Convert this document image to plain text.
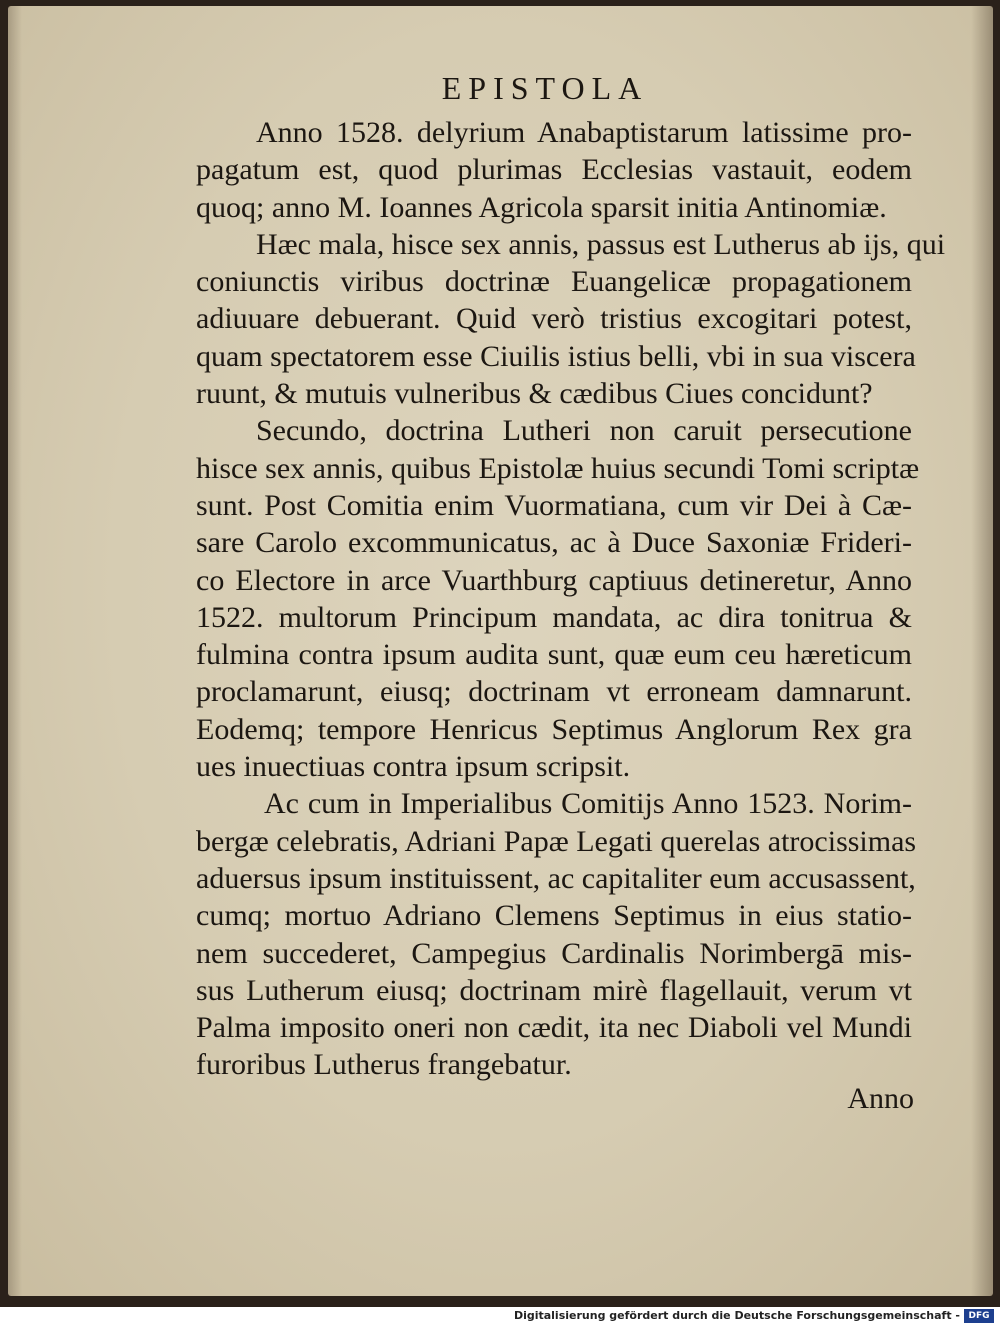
EPISTOLA
Anno 1528. delyrium Anabaptistarum latissime pro-
pagatum est, quod plurimas Ecclesias vastauit, eodem
quoq; anno M. Ioannes Agricola sparsit initia Antinomiæ.
Hæc mala, hisce sex annis, passus est Lutherus ab ijs, qui
coniunctis viribus doctrinæ Euangelicæ propagationem
adiuuare debuerant. Quid verò tristius excogitari potest,
quam spectatorem esse Ciuilis istius belli, vbi in sua viscera
ruunt, & mutuis vulneribus & cædibus Ciues concidunt?
Secundo, doctrina Lutheri non caruit persecutione
hisce sex annis, quibus Epistolæ huius secundi Tomi scriptæ
sunt. Post Comitia enim Vuormatiana, cum vir Dei à Cæ-
sare Carolo excommunicatus, ac à Duce Saxoniæ Frideri-
co Electore in arce Vuarthburg captiuus detineretur, Anno
1522. multorum Principum mandata, ac dira tonitrua &
fulmina contra ipsum audita sunt, quæ eum ceu hæreticum
proclamarunt, eiusq; doctrinam vt erroneam damnarunt.
Eodemq; tempore Henricus Septimus Anglorum Rex gra
ues inuectiuas contra ipsum scripsit.
Ac cum in Imperialibus Comitijs Anno 1523. Norim-
bergæ celebratis, Adriani Papæ Legati querelas atrocissimas
aduersus ipsum instituissent, ac capitaliter eum accusassent,
cumq; mortuo Adriano Clemens Septimus in eius statio-
nem succederet, Campegius Cardinalis Norimbergā mis-
sus Lutherum eiusq; doctrinam mirè flagellauit, verum vt
Palma imposito oneri non cædit, ita nec Diaboli vel Mundi
furoribus Lutherus frangebatur.
Anno
Digitalisierung gefördert durch die Deutsche Forschungsgemeinschaft - DFG
